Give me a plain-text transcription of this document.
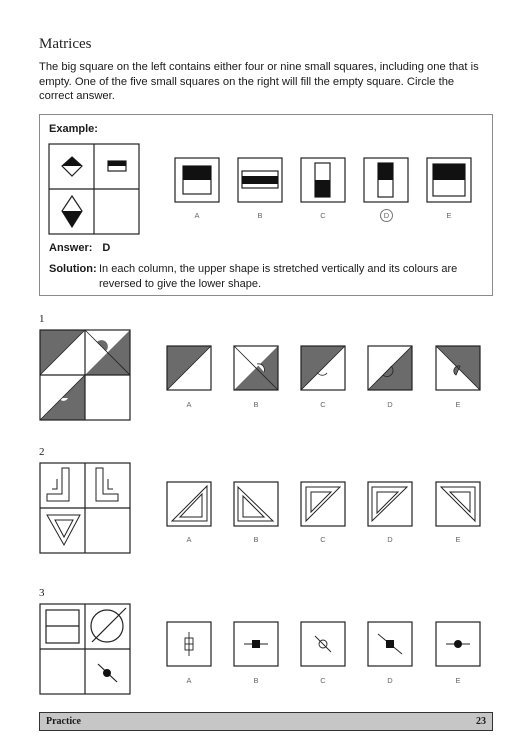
Matrices
The big square on the left contains either four or nine small squares, including one that is empty. One of the five small squares on the right will fill the empty square. Circle the correct answer.
Example:
A	B	C	D	E
Answer: D
Solution: In each column, the upper shape is stretched vertically and its colours are reversed to give the lower shape.
1
2
3
A	B	C	D	E
A	B	C	D	E
A	B	C	D	E
Practice	23
